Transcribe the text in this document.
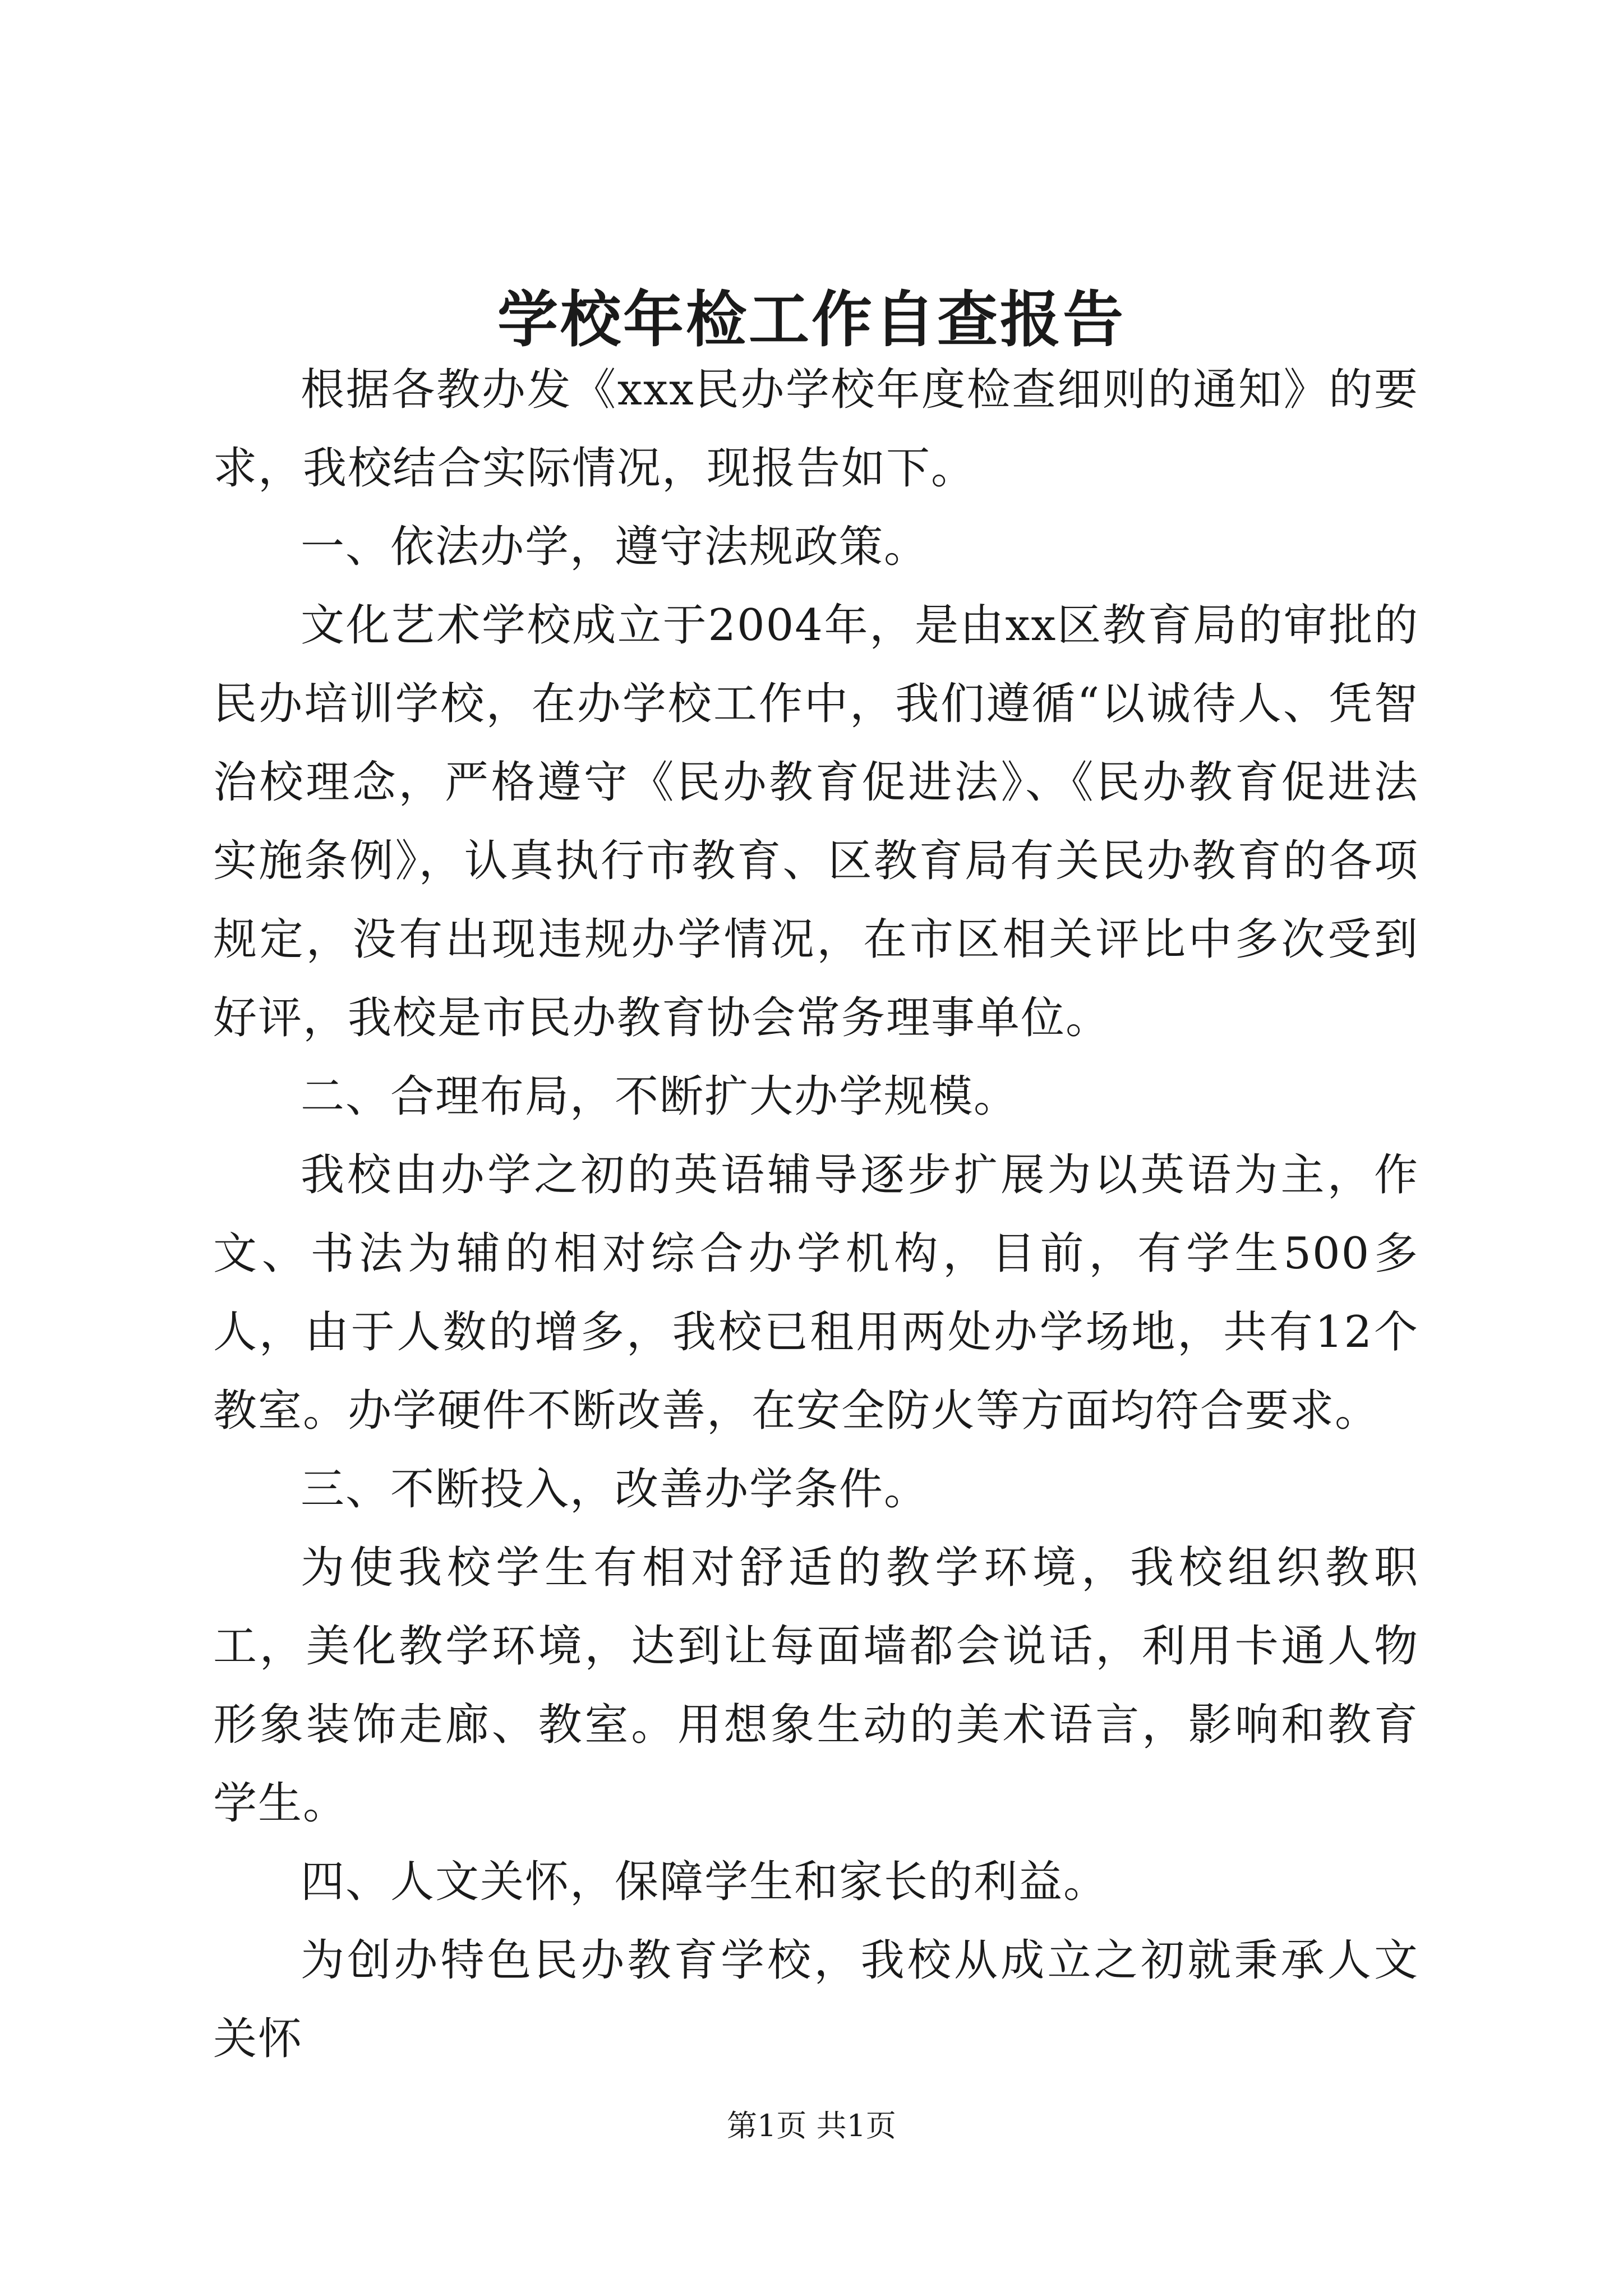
学校年检工作自查报告

根据各教办发《xxx民办学校年度检查细则的通知》的要求，我校结合实际情况，现报告如下。

一、依法办学，遵守法规政策。

文化艺术学校成立于2004年，是由xx区教育局的审批的民办培训学校，在办学校工作中，我们遵循“以诚待人、凭智治校理念，严格遵守《民办教育促进法》、《民办教育促进法实施条例》，认真执行市教育、区教育局有关民办教育的各项规定，没有出现违规办学情况，在市区相关评比中多次受到好评，我校是市民办教育协会常务理事单位。

二、合理布局，不断扩大办学规模。

我校由办学之初的英语辅导逐步扩展为以英语为主，作文、书法为辅的相对综合办学机构，目前，有学生500多人，由于人数的增多，我校已租用两处办学场地，共有12个教室。办学硬件不断改善，在安全防火等方面均符合要求。

三、不断投入，改善办学条件。

为使我校学生有相对舒适的教学环境，我校组织教职工，美化教学环境，达到让每面墙都会说话，利用卡通人物形象装饰走廊、教室。用想象生动的美术语言，影响和教育学生。

四、人文关怀，保障学生和家长的利益。

为创办特色民办教育学校，我校从成立之初就秉承人文关怀

第1页 共1页
